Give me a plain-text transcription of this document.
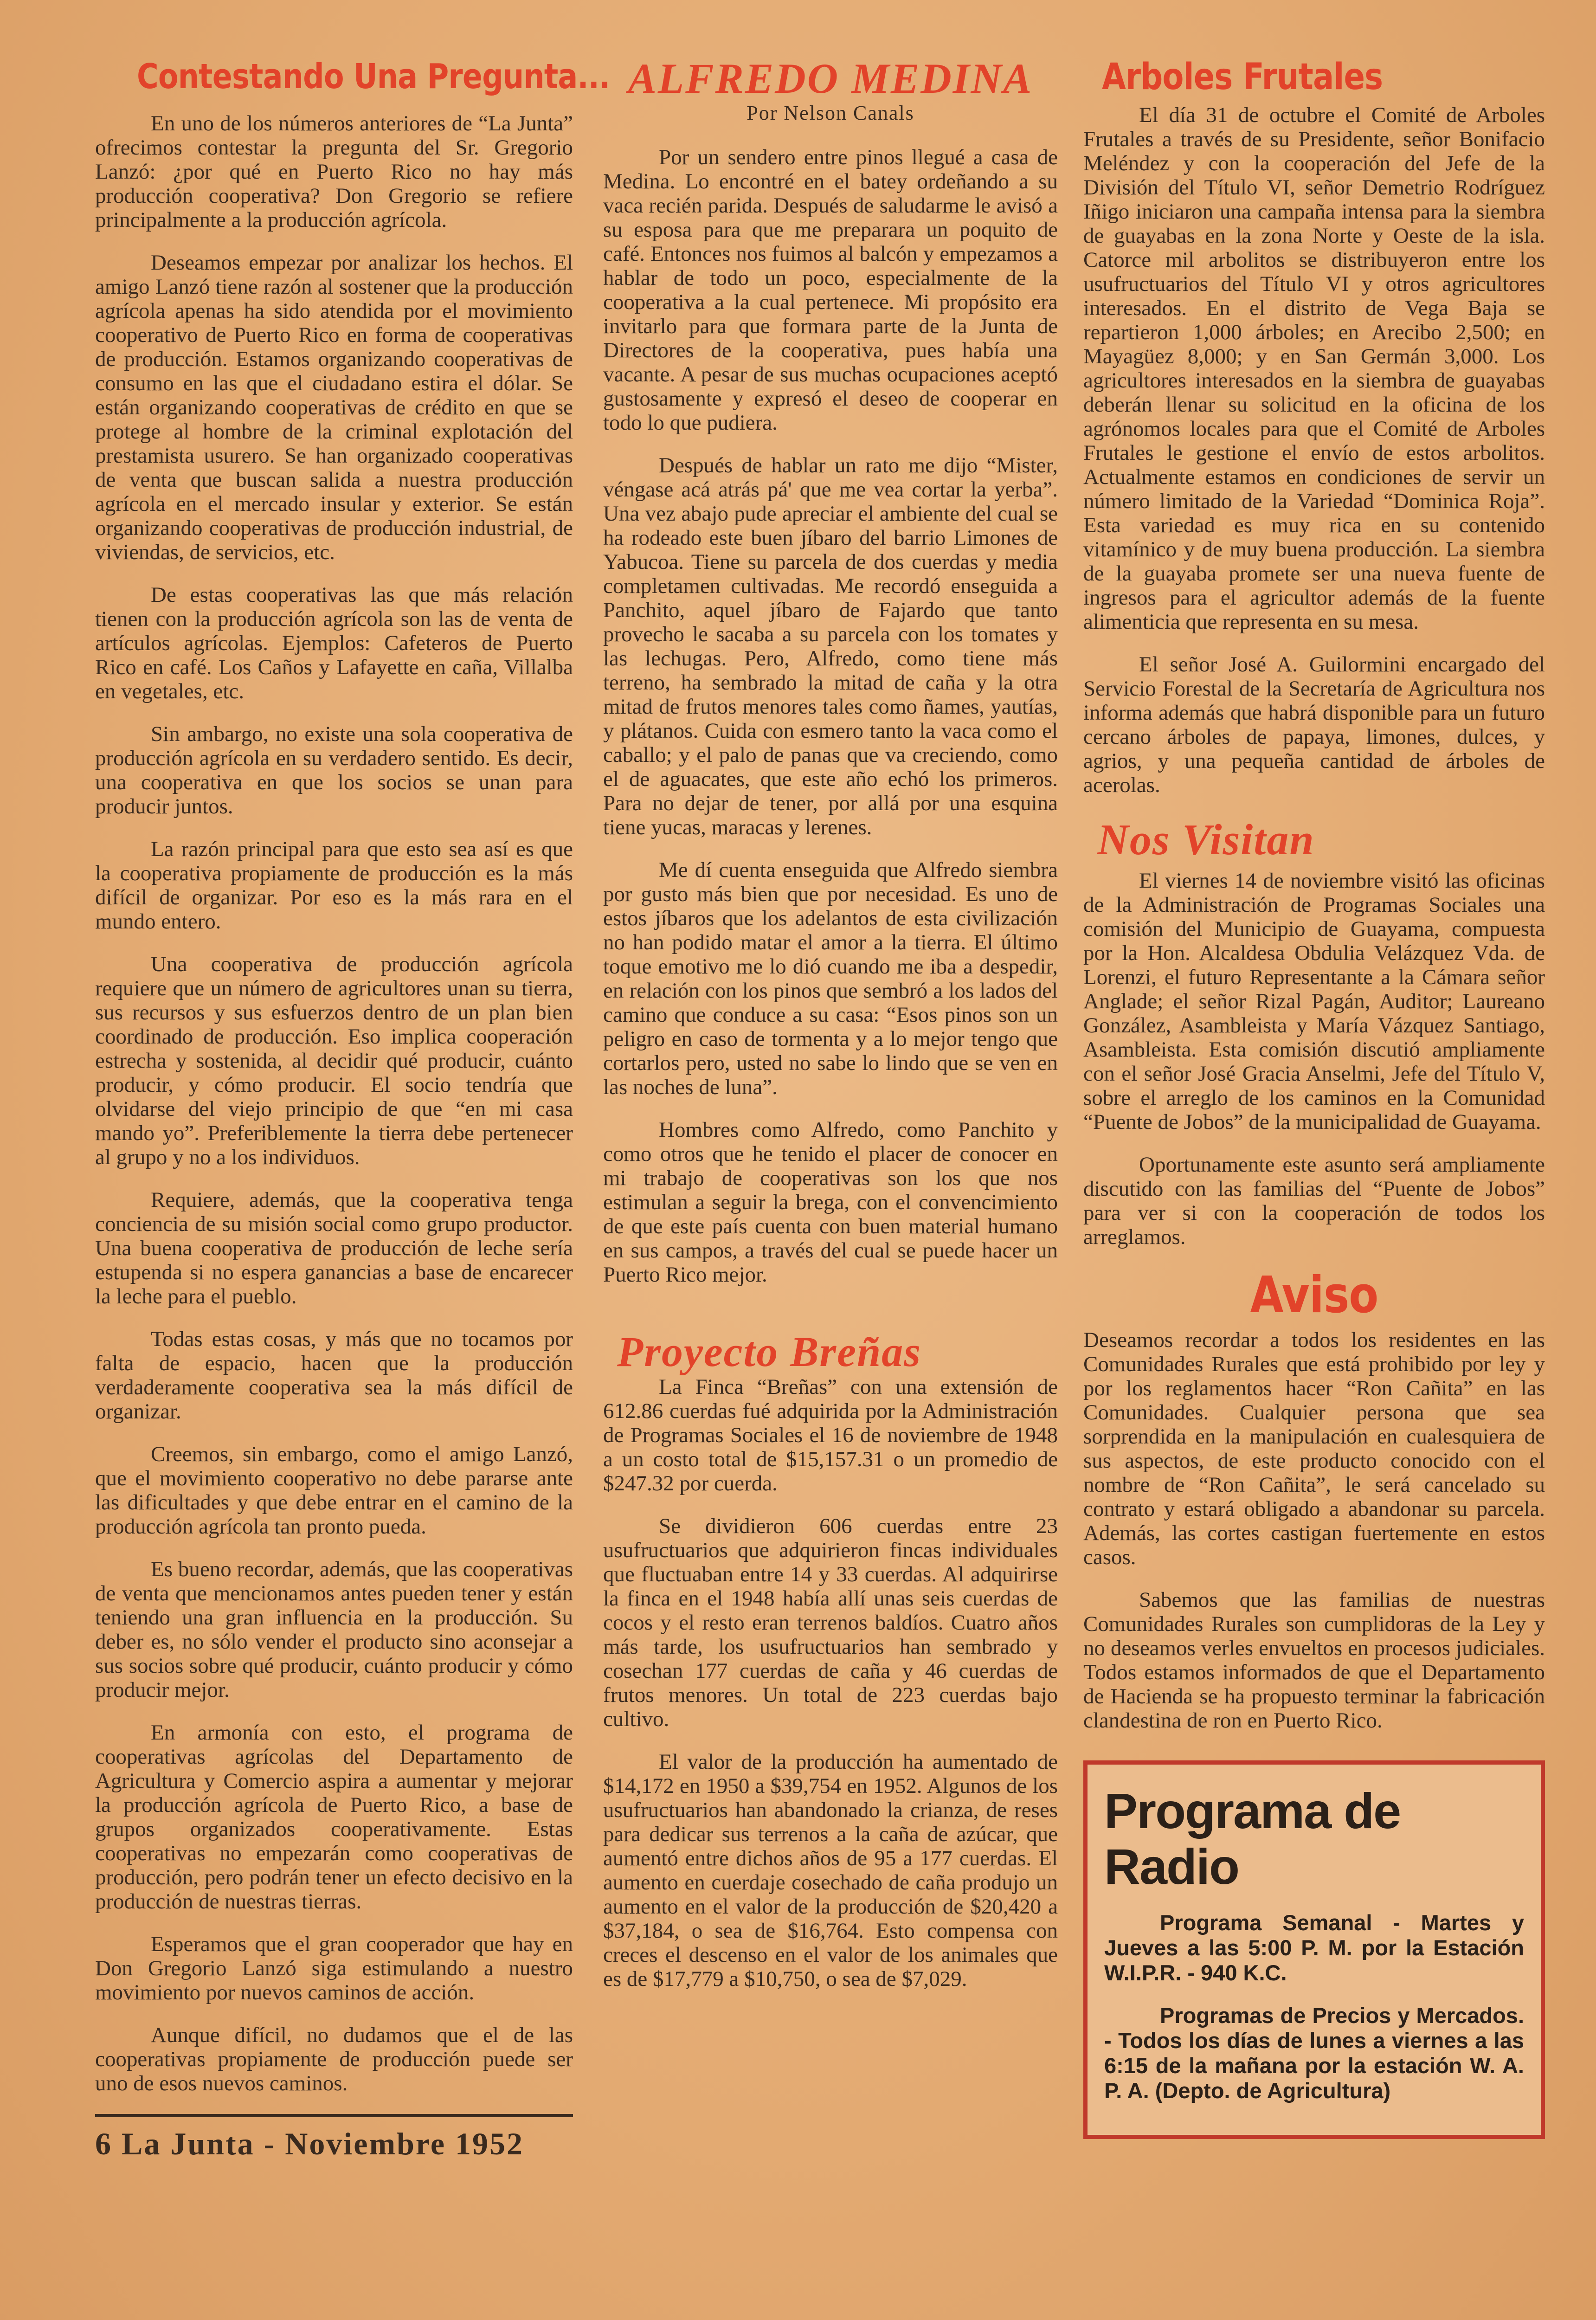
Contestando Una Pregunta...

En uno de los números anteriores de “La Junta” ofrecimos contestar la pregunta del Sr. Gregorio Lanzó: ¿por qué en Puerto Rico no hay más producción cooperativa? Don Gregorio se refiere principalmente a la producción agrícola.

Deseamos empezar por analizar los hechos. El amigo Lanzó tiene razón al sostener que la producción agrícola apenas ha sido atendida por el movimiento cooperativo de Puerto Rico en forma de cooperativas de producción. Estamos organizando cooperativas de consumo en las que el ciudadano estira el dólar. Se están organizando cooperativas de crédito en que se protege al hombre de la criminal explotación del prestamista usurero. Se han organizado cooperativas de venta que buscan salida a nuestra producción agrícola en el mercado insular y exterior. Se están organizando cooperativas de producción industrial, de viviendas, de servicios, etc.

De estas cooperativas las que más relación tienen con la producción agrícola son las de venta de artículos agrícolas. Ejemplos: Cafeteros de Puerto Rico en café. Los Caños y Lafayette en caña, Villalba en vegetales, etc.

Sin ambargo, no existe una sola cooperativa de producción agrícola en su verdadero sentido. Es decir, una cooperativa en que los socios se unan para producir juntos.

La razón principal para que esto sea así es que la cooperativa propiamente de producción es la más difícil de organizar. Por eso es la más rara en el mundo entero.

Una cooperativa de producción agrícola requiere que un número de agricultores unan su tierra, sus recursos y sus esfuerzos dentro de un plan bien coordinado de producción. Eso implica cooperación estrecha y sostenida, al decidir qué producir, cuánto producir, y cómo producir. El socio tendría que olvidarse del viejo principio de que “en mi casa mando yo”. Preferiblemente la tierra debe pertenecer al grupo y no a los individuos.

Requiere, además, que la cooperativa tenga conciencia de su misión social como grupo productor. Una buena cooperativa de producción de leche sería estupenda si no espera ganancias a base de encarecer la leche para el pueblo.

Todas estas cosas, y más que no tocamos por falta de espacio, hacen que la producción verdaderamente cooperativa sea la más difícil de organizar.

Creemos, sin embargo, como el amigo Lanzó, que el movimiento cooperativo no debe pararse ante las dificultades y que debe entrar en el camino de la producción agrícola tan pronto pueda.

Es bueno recordar, además, que las cooperativas de venta que mencionamos antes pueden tener y están teniendo una gran influencia en la producción. Su deber es, no sólo vender el producto sino aconsejar a sus socios sobre qué producir, cuánto producir y cómo producir mejor.

En armonía con esto, el programa de cooperativas agrícolas del Departamento de Agricultura y Comercio aspira a aumentar y mejorar la producción agrícola de Puerto Rico, a base de grupos organizados cooperativamente. Estas cooperativas no empezarán como cooperativas de producción, pero podrán tener un efecto decisivo en la producción de nuestras tierras.

Esperamos que el gran cooperador que hay en Don Gregorio Lanzó siga estimulando a nuestro movimiento por nuevos caminos de acción.

Aunque difícil, no dudamos que el de las cooperativas propiamente de producción puede ser uno de esos nuevos caminos.

6 La Junta - Noviembre 1952
ALFREDO MEDINA
Por Nelson Canals

Por un sendero entre pinos llegué a casa de Medina. Lo encontré en el batey ordeñando a su vaca recién parida. Después de saludarme le avisó a su esposa para que me preparara un poquito de café. Entonces nos fuimos al balcón y empezamos a hablar de todo un poco, especialmente de la cooperativa a la cual pertenece. Mi propósito era invitarlo para que formara parte de la Junta de Directores de la cooperativa, pues había una vacante. A pesar de sus muchas ocupaciones aceptó gustosamente y expresó el deseo de cooperar en todo lo que pudiera.

Después de hablar un rato me dijo “Mister, véngase acá atrás pá' que me vea cortar la yerba”. Una vez abajo pude apreciar el ambiente del cual se ha rodeado este buen jíbaro del barrio Limones de Yabucoa. Tiene su parcela de dos cuerdas y media completamen cultivadas. Me recordó enseguida a Panchito, aquel jíbaro de Fajardo que tanto provecho le sacaba a su parcela con los tomates y las lechugas. Pero, Alfredo, como tiene más terreno, ha sembrado la mitad de caña y la otra mitad de frutos menores tales como ñames, yautías, y plátanos. Cuida con esmero tanto la vaca como el caballo; y el palo de panas que va creciendo, como el de aguacates, que este año echó los primeros. Para no dejar de tener, por allá por una esquina tiene yucas, maracas y lerenes.

Me dí cuenta enseguida que Alfredo siembra por gusto más bien que por necesidad. Es uno de estos jíbaros que los adelantos de esta civilización no han podido matar el amor a la tierra. El último toque emotivo me lo dió cuando me iba a despedir, en relación con los pinos que sembró a los lados del camino que conduce a su casa: “Esos pinos son un peligro en caso de tormenta y a lo mejor tengo que cortarlos pero, usted no sabe lo lindo que se ven en las noches de luna”.

Hombres como Alfredo, como Panchito y como otros que he tenido el placer de conocer en mi trabajo de cooperativas son los que nos estimulan a seguir la brega, con el convencimiento de que este país cuenta con buen material humano en sus campos, a través del cual se puede hacer un Puerto Rico mejor.

Proyecto Breñas

La Finca “Breñas” con una extensión de 612.86 cuerdas fué adquirida por la Administración de Programas Sociales el 16 de noviembre de 1948 a un costo total de $15,157.31 o un promedio de $247.32 por cuerda.

Se dividieron 606 cuerdas entre 23 usufructuarios que adquirieron fincas individuales que fluctuaban entre 14 y 33 cuerdas. Al adquirirse la finca en el 1948 había allí unas seis cuerdas de cocos y el resto eran terrenos baldíos. Cuatro años más tarde, los usufructuarios han sembrado y cosechan 177 cuerdas de caña y 46 cuerdas de frutos menores. Un total de 223 cuerdas bajo cultivo.

El valor de la producción ha aumentado de $14,172 en 1950 a $39,754 en 1952. Algunos de los usufructuarios han abandonado la crianza, de reses para dedicar sus terrenos a la caña de azúcar, que aumentó entre dichos años de 95 a 177 cuerdas. El aumento en cuerdaje cosechado de caña produjo un aumento en el valor de la producción de $20,420 a $37,184, o sea de $16,764. Esto compensa con creces el descenso en el valor de los animales que es de $17,779 a $10,750, o sea de $7,029.

Arboles Frutales

El día 31 de octubre el Comité de Arboles Frutales a través de su Presidente, señor Bonifacio Meléndez y con la cooperación del Jefe de la División del Título VI, señor Demetrio Rodríguez Iñigo iniciaron una campaña intensa para la siembra de guayabas en la zona Norte y Oeste de la isla. Catorce mil arbolitos se distribuyeron entre los usufructuarios del Título VI y otros agricultores interesados. En el distrito de Vega Baja se repartieron 1,000 árboles; en Arecibo 2,500; en Mayagüez 8,000; y en San Germán 3,000. Los agricultores interesados en la siembra de guayabas deberán llenar su solicitud en la oficina de los agrónomos locales para que el Comité de Arboles Frutales le gestione el envío de estos arbolitos. Actualmente estamos en condiciones de servir un número limitado de la Variedad “Dominica Roja”. Esta variedad es muy rica en su contenido vitamínico y de muy buena producción. La siembra de la guayaba promete ser una nueva fuente de ingresos para el agricultor además de la fuente alimenticia que representa en su mesa.

El señor José A. Guilormini encargado del Servicio Forestal de la Secretaría de Agricultura nos informa además que habrá disponible para un futuro cercano árboles de papaya, limones, dulces, y agrios, y una pequeña cantidad de árboles de acerolas.

Nos Visitan

El viernes 14 de noviembre visitó las oficinas de la Administración de Programas Sociales una comisión del Municipio de Guayama, compuesta por la Hon. Alcaldesa Obdulia Velázquez Vda. de Lorenzi, el futuro Representante a la Cámara señor Anglade; el señor Rizal Pagán, Auditor; Laureano González, Asambleista y María Vázquez Santiago, Asambleista. Esta comisión discutió ampliamente con el señor José Gracia Anselmi, Jefe del Título V, sobre el arreglo de los caminos en la Comunidad “Puente de Jobos” de la municipalidad de Guayama.

Oportunamente este asunto será ampliamente discutido con las familias del “Puente de Jobos” para ver si con la cooperación de todos los arreglamos.

Aviso

Deseamos recordar a todos los residentes en las Comunidades Rurales que está prohibido por ley y por los reglamentos hacer “Ron Cañita” en las Comunidades. Cualquier persona que sea sorprendida en la manipulación en cualesquiera de sus aspectos, de este producto conocido con el nombre de “Ron Cañita”, le será cancelado su contrato y estará obligado a abandonar su parcela. Además, las cortes castigan fuertemente en estos casos.

Sabemos que las familias de nuestras Comunidades Rurales son cumplidoras de la Ley y no deseamos verles envueltos en procesos judiciales. Todos estamos informados de que el Departamento de Hacienda se ha propuesto terminar la fabricación clandestina de ron en Puerto Rico.

Programa de Radio

Programa Semanal - Martes y Jueves a las 5:00 P. M. por la Estación W.I.P.R. - 940 K.C.

Programas de Precios y Mercados. - Todos los días de lunes a viernes a las 6:15 de la mañana por la estación W. A. P. A. (Depto. de Agricultura)
